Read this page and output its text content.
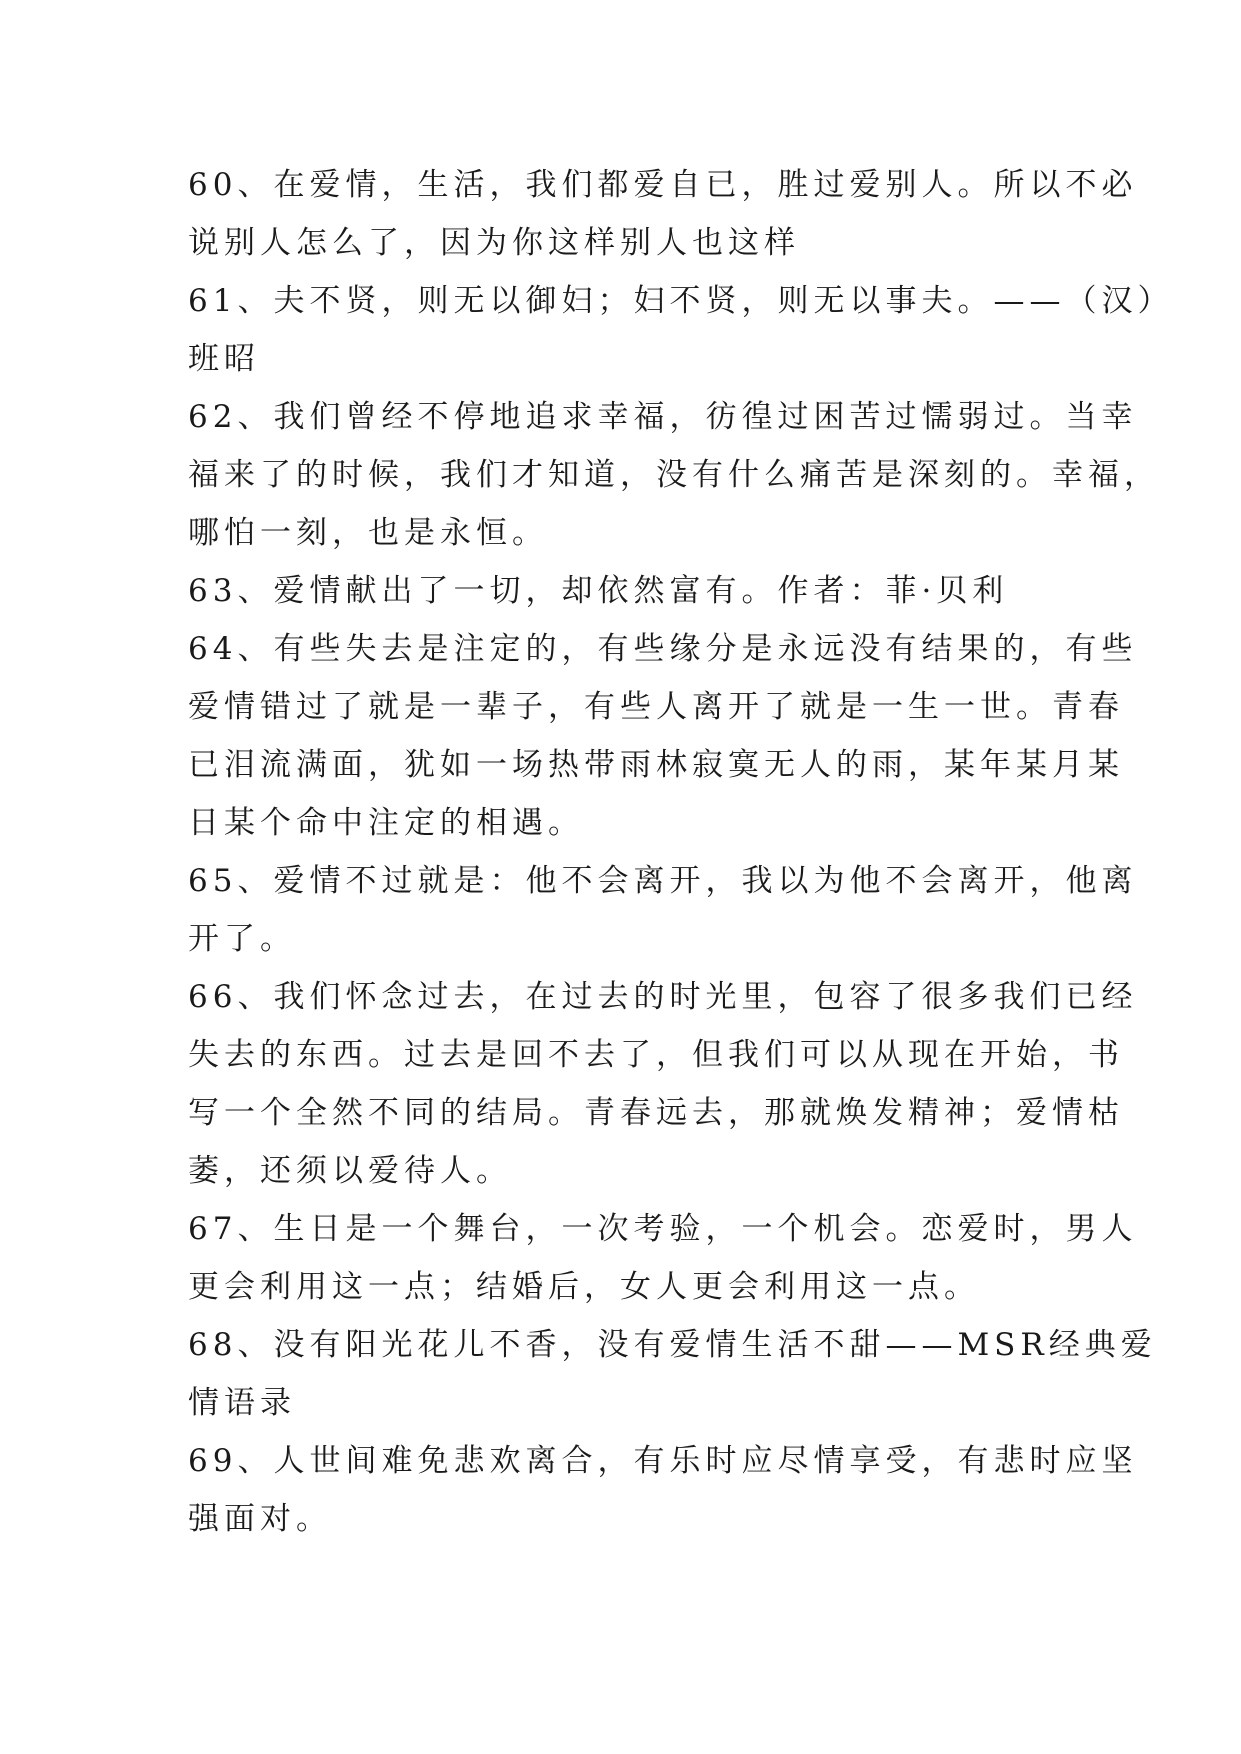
60、在爱情，生活，我们都爱自已，胜过爱别人。所以不必
说别人怎么了，因为你这样别人也这样
61、夫不贤，则无以御妇；妇不贤，则无以事夫。——（汉）
班昭
62、我们曾经不停地追求幸福，彷徨过困苦过懦弱过。当幸
福来了的时候，我们才知道，没有什么痛苦是深刻的。幸福，
哪怕一刻，也是永恒。
63、爱情献出了一切，却依然富有。作者：菲·贝利
64、有些失去是注定的，有些缘分是永远没有结果的，有些
爱情错过了就是一辈子，有些人离开了就是一生一世。青春
已泪流满面，犹如一场热带雨林寂寞无人的雨，某年某月某
日某个命中注定的相遇。
65、爱情不过就是：他不会离开，我以为他不会离开，他离
开了。
66、我们怀念过去，在过去的时光里，包容了很多我们已经
失去的东西。过去是回不去了，但我们可以从现在开始，书
写一个全然不同的结局。青春远去，那就焕发精神；爱情枯
萎，还须以爱待人。
67、生日是一个舞台，一次考验，一个机会。恋爱时，男人
更会利用这一点；结婚后，女人更会利用这一点。
68、没有阳光花儿不香，没有爱情生活不甜——MSR经典爱
情语录
69、人世间难免悲欢离合，有乐时应尽情享受，有悲时应坚
强面对。
